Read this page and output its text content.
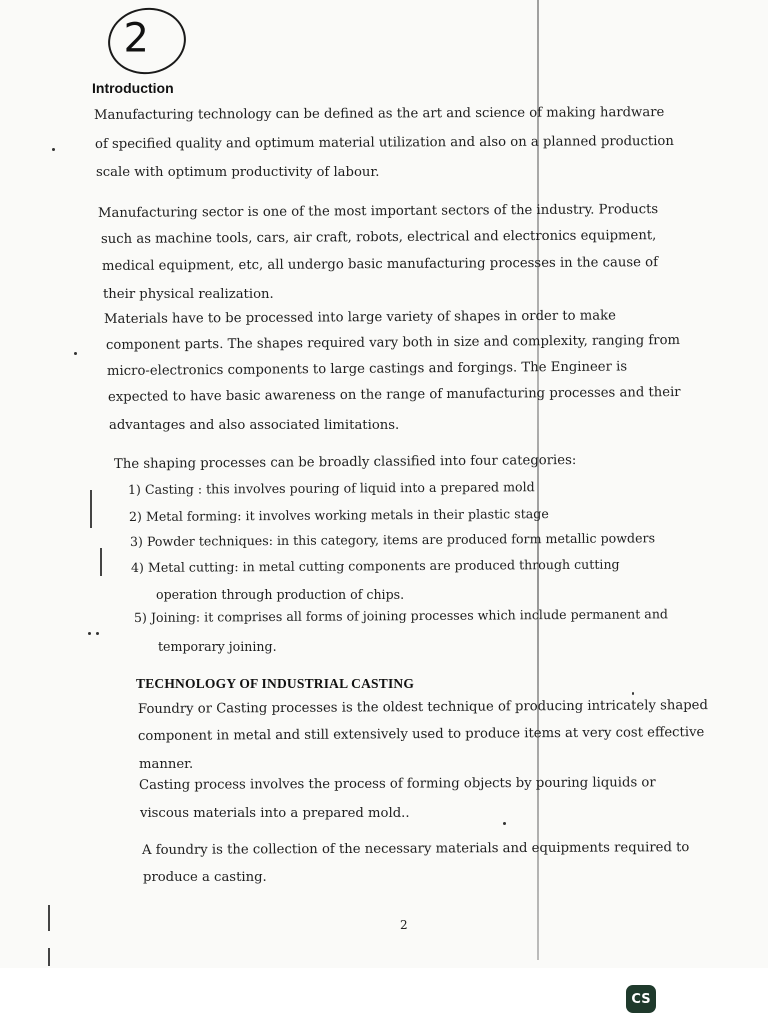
2
Introduction
Manufacturing technology can be defined as the art and science of making hardware
of specified quality and optimum material utilization and also on a planned production
scale with optimum productivity of labour.
Manufacturing sector is one of the most important sectors of the industry. Products
such as machine tools, cars, air craft, robots, electrical and electronics equipment,
medical equipment, etc, all undergo basic manufacturing processes in the cause of
their physical realization.
Materials have to be processed into large variety of shapes in order to make
component parts. The shapes required vary both in size and complexity, ranging from
micro-electronics components to large castings and forgings. The Engineer is
expected to have basic awareness on the range of manufacturing processes and their
advantages and also associated limitations.
The shaping processes can be broadly classified into four categories:
1) Casting : this involves pouring of liquid into a prepared mold
2) Metal forming: it involves working metals in their plastic stage
3) Powder techniques: in this category, items are produced form metallic powders
4) Metal cutting: in metal cutting components are produced through cutting
operation through production of chips.
5) Joining: it comprises all forms of joining processes which include permanent and
temporary joining.
TECHNOLOGY OF INDUSTRIAL CASTING
Foundry or Casting processes is the oldest technique of producing intricately shaped
component in metal and still extensively used to produce items at very cost effective
manner.
Casting process involves the process of forming objects by pouring liquids or
viscous materials into a prepared mold..
A foundry is the collection of the necessary materials and equipments required to
produce a casting.
2
CS
